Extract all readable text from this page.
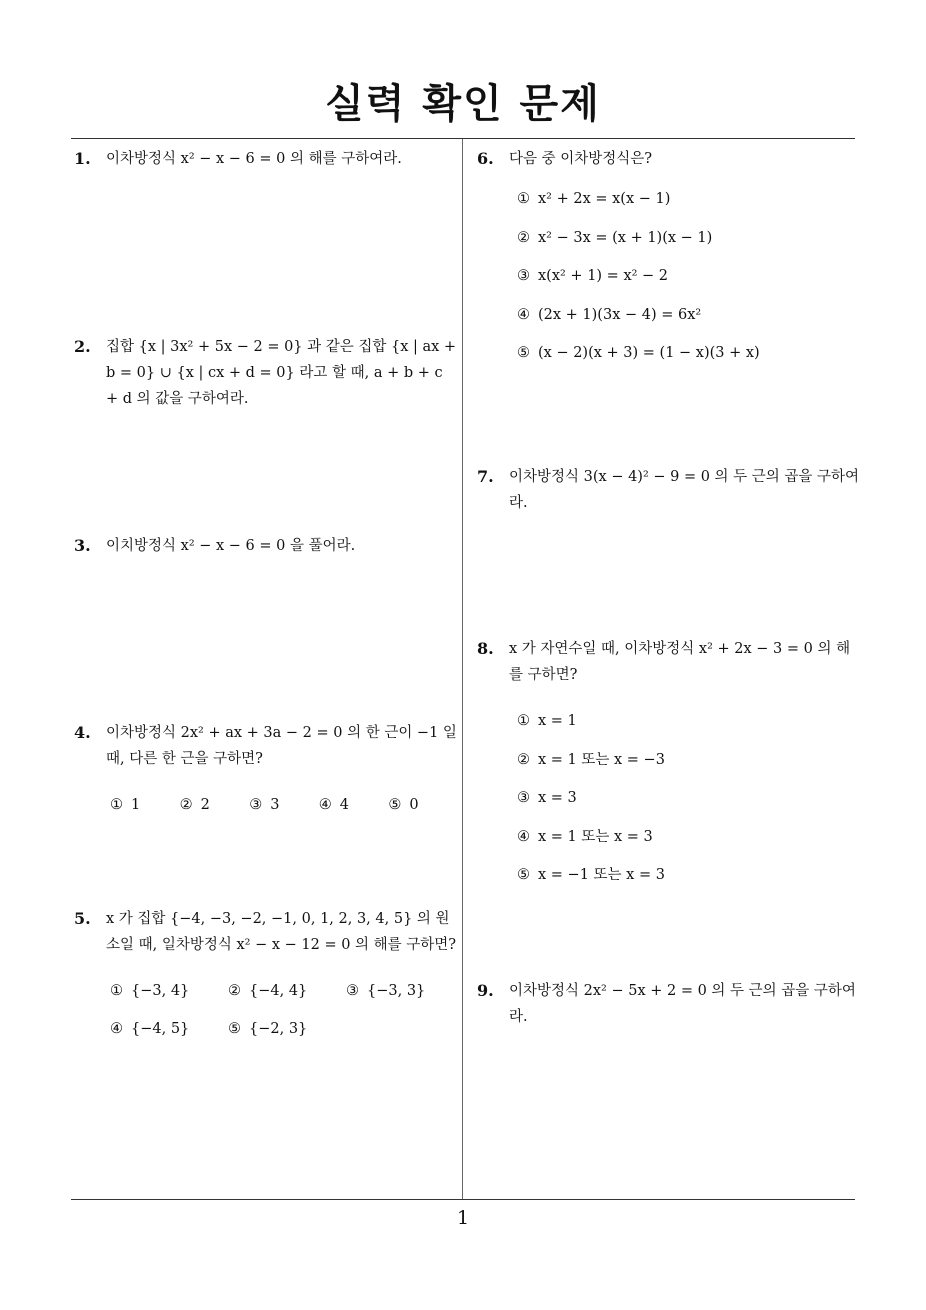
실력 확인 문제
1
1. 이차방정식 x² − x − 6 = 0 의 해를 구하여라.
2. 집합 {x | 3x² + 5x − 2 = 0} 과 같은 집합 {x | ax + b = 0} ∪ {x | cx + d = 0} 라고 할 때, a + b + c + d 의 값을 구하여라.
3. 이치방정식 x² − x − 6 = 0 을 풀어라.
4. 이차방정식 2x² + ax + 3a − 2 = 0 의 한 근이 −1 일 때, 다른 한 근을 구하면?
① 1	② 2	③ 3	④ 4	⑤ 0
5. x 가 집합 {−4, −3, −2, −1, 0, 1, 2, 3, 4, 5} 의 원소일 때, 일차방정식 x² − x − 12 = 0 의 해를 구하면?
① {−3, 4}	② {−4, 4}	③ {−3, 3}
④ {−4, 5}	⑤ {−2, 3}
6. 다음 중 이차방정식은?
① x² + 2x = x(x − 1)
② x² − 3x = (x + 1)(x − 1)
③ x(x² + 1) = x² − 2
④ (2x + 1)(3x − 4) = 6x²
⑤ (x − 2)(x + 3) = (1 − x)(3 + x)
7. 이차방정식 3(x − 4)² − 9 = 0 의 두 근의 곱을 구하여라.
8. x 가 자연수일 때, 이차방정식 x² + 2x − 3 = 0 의 해를 구하면?
① x = 1
② x = 1 또는 x = −3
③ x = 3
④ x = 1 또는 x = 3
⑤ x = −1 또는 x = 3
9. 이차방정식 2x² − 5x + 2 = 0 의 두 근의 곱을 구하여라.
